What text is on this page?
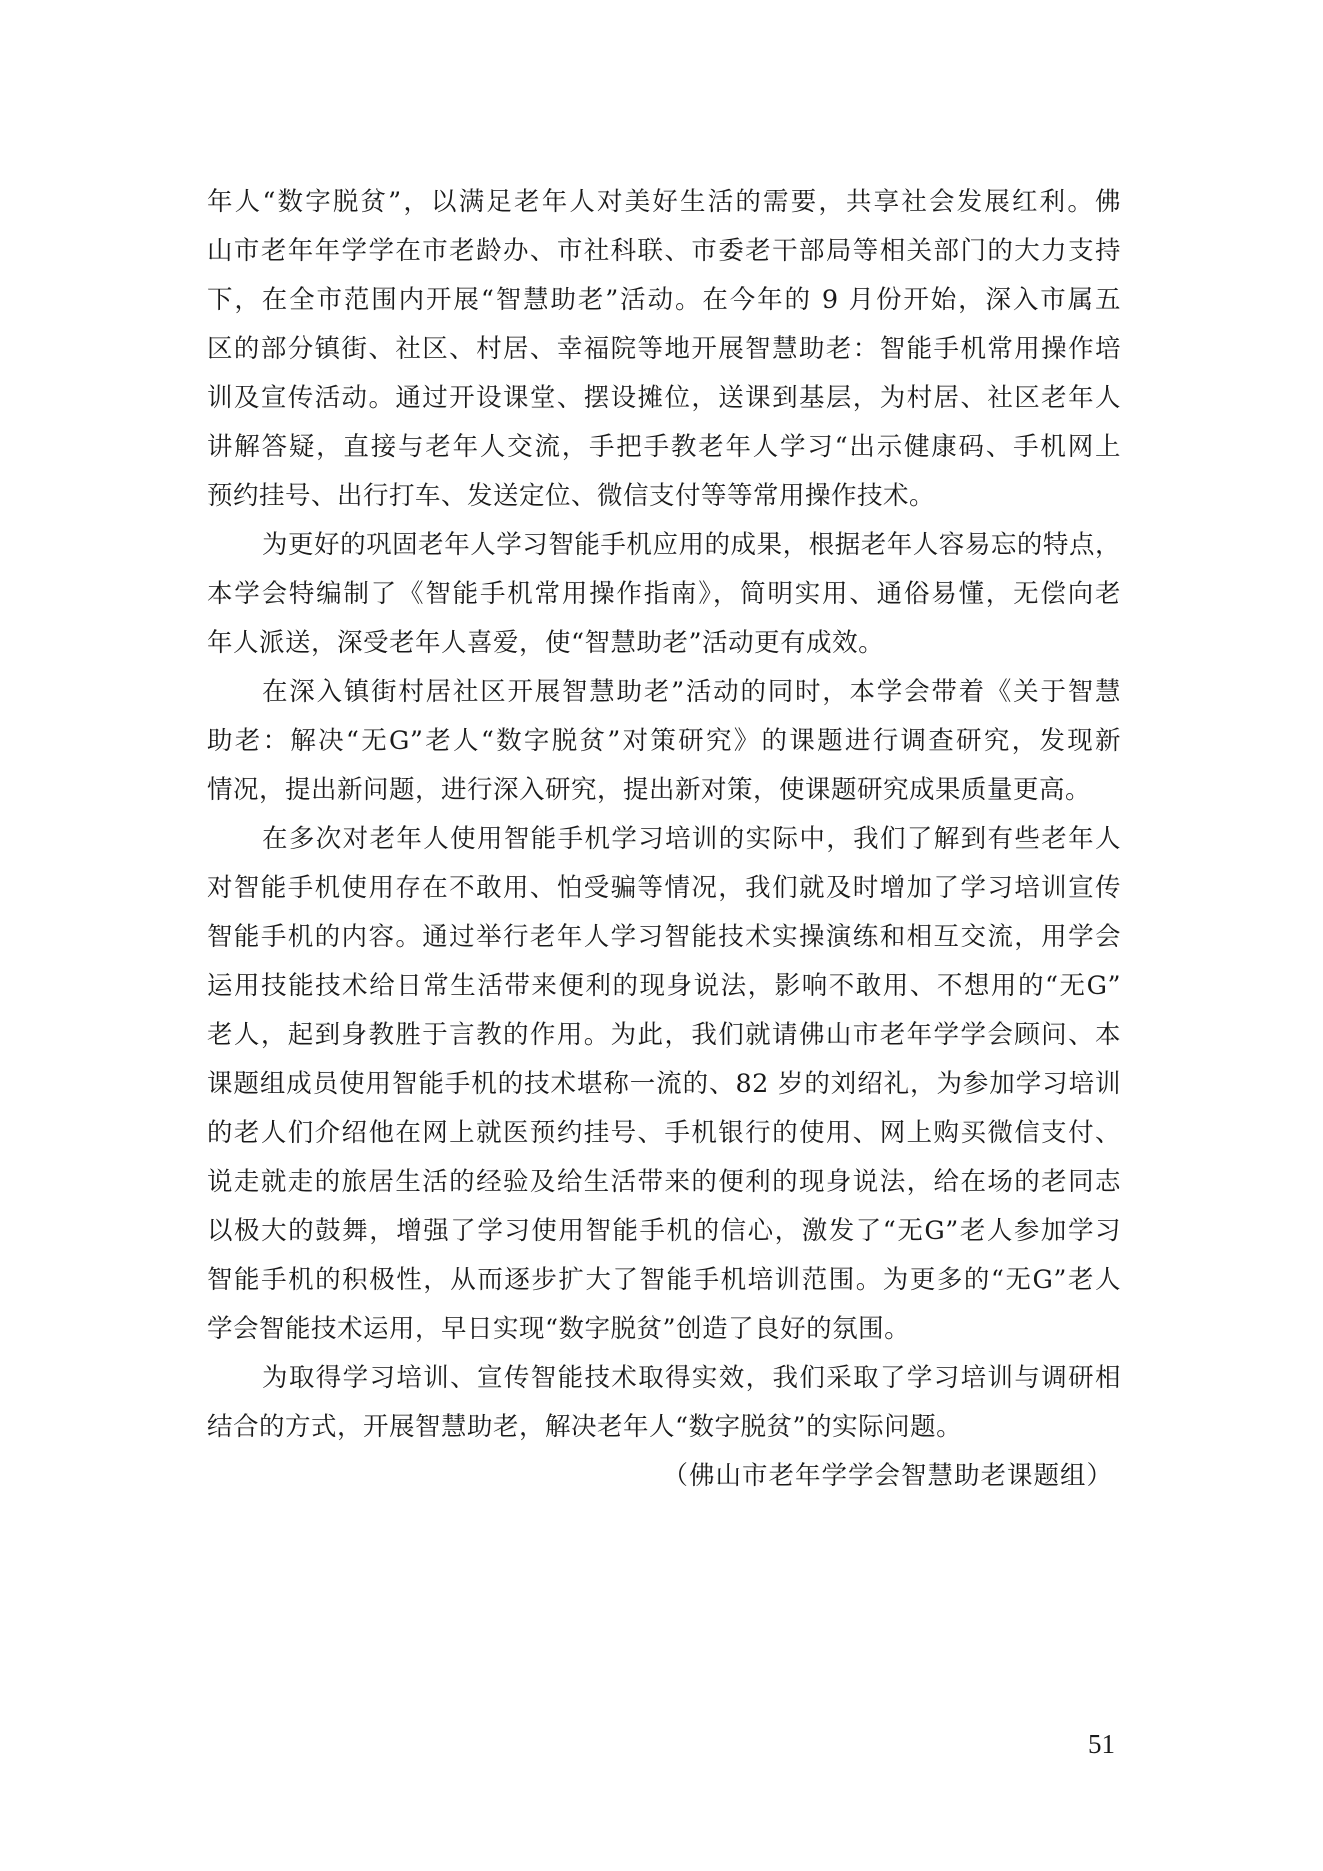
年人“数字脱贫”，以满足老年人对美好生活的需要，共享社会发展红利。佛
山市老年年学学在市老龄办、市社科联、市委老干部局等相关部门的大力支持
下，在全市范围内开展“智慧助老”活动。在今年的 9 月份开始，深入市属五
区的部分镇街、社区、村居、幸福院等地开展智慧助老：智能手机常用操作培
训及宣传活动。通过开设课堂、摆设摊位，送课到基层，为村居、社区老年人
讲解答疑，直接与老年人交流，手把手教老年人学习“出示健康码、手机网上
预约挂号、出行打车、发送定位、微信支付等等常用操作技术。
为更好的巩固老年人学习智能手机应用的成果，根据老年人容易忘的特点，
本学会特编制了《智能手机常用操作指南》，简明实用、通俗易懂，无偿向老
年人派送，深受老年人喜爱，使“智慧助老”活动更有成效。
在深入镇街村居社区开展智慧助老”活动的同时，本学会带着《关于智慧
助老：解决“无G”老人“数字脱贫”对策研究》的课题进行调查研究，发现新
情况，提出新问题，进行深入研究，提出新对策，使课题研究成果质量更高。
在多次对老年人使用智能手机学习培训的实际中，我们了解到有些老年人
对智能手机使用存在不敢用、怕受骗等情况，我们就及时增加了学习培训宣传
智能手机的内容。通过举行老年人学习智能技术实操演练和相互交流，用学会
运用技能技术给日常生活带来便利的现身说法，影响不敢用、不想用的“无G”
老人，起到身教胜于言教的作用。为此，我们就请佛山市老年学学会顾问、本
课题组成员使用智能手机的技术堪称一流的、82 岁的刘绍礼，为参加学习培训
的老人们介绍他在网上就医预约挂号、手机银行的使用、网上购买微信支付、
说走就走的旅居生活的经验及给生活带来的便利的现身说法，给在场的老同志
以极大的鼓舞，增强了学习使用智能手机的信心，激发了“无G”老人参加学习
智能手机的积极性，从而逐步扩大了智能手机培训范围。为更多的“无G”老人
学会智能技术运用，早日实现“数字脱贫”创造了良好的氛围。
为取得学习培训、宣传智能技术取得实效，我们采取了学习培训与调研相
结合的方式，开展智慧助老，解决老年人“数字脱贫”的实际问题。
（佛山市老年学学会智慧助老课题组）
51
